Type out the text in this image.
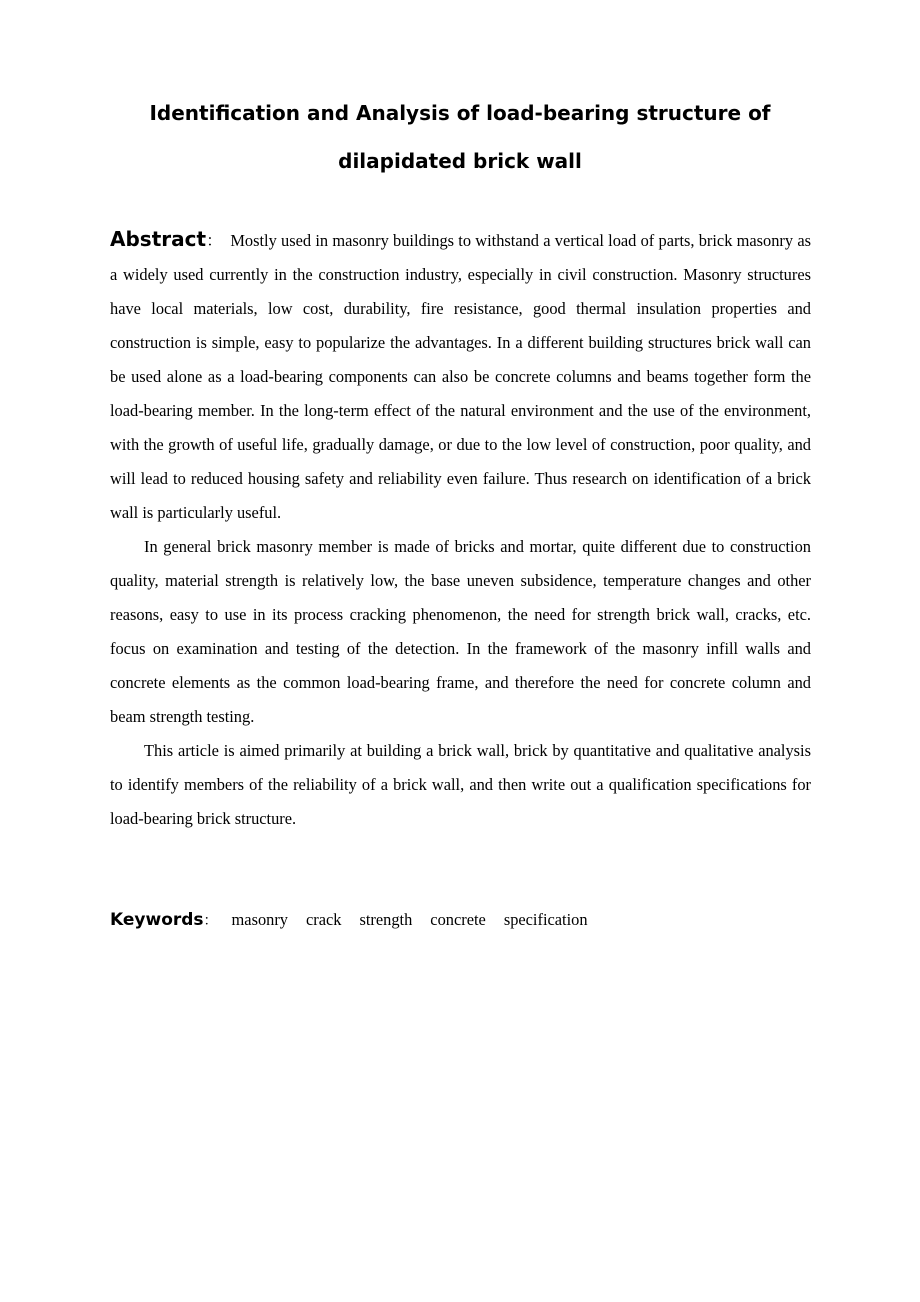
Identification and Analysis of load-bearing structure of
dilapidated brick wall

Abstract： Mostly used in masonry buildings to withstand a vertical load of parts, brick masonry as a widely used currently in the construction industry, especially in civil construction. Masonry structures have local materials, low cost, durability, fire resistance, good thermal insulation properties and construction is simple, easy to popularize the advantages. In a different building structures brick wall can be used alone as a load-bearing components can also be concrete columns and beams together form the load-bearing member. In the long-term effect of the natural environment and the use of the environment, with the growth of useful life, gradually damage, or due to the low level of construction, poor quality, and will lead to reduced housing safety and reliability even failure. Thus research on identification of a brick wall is particularly useful.

In general brick masonry member is made of bricks and mortar, quite different due to construction quality, material strength is relatively low, the base uneven subsidence, temperature changes and other reasons, easy to use in its process cracking phenomenon, the need for strength brick wall, cracks, etc. focus on examination and testing of the detection. In the framework of the masonry infill walls and concrete elements as the common load-bearing frame, and therefore the need for concrete column and beam strength testing.

This article is aimed primarily at building a brick wall, brick by quantitative and qualitative analysis to identify members of the reliability of a brick wall, and then write out a qualification specifications for load-bearing brick structure.

Keywords： masonry crack strength concrete specification
